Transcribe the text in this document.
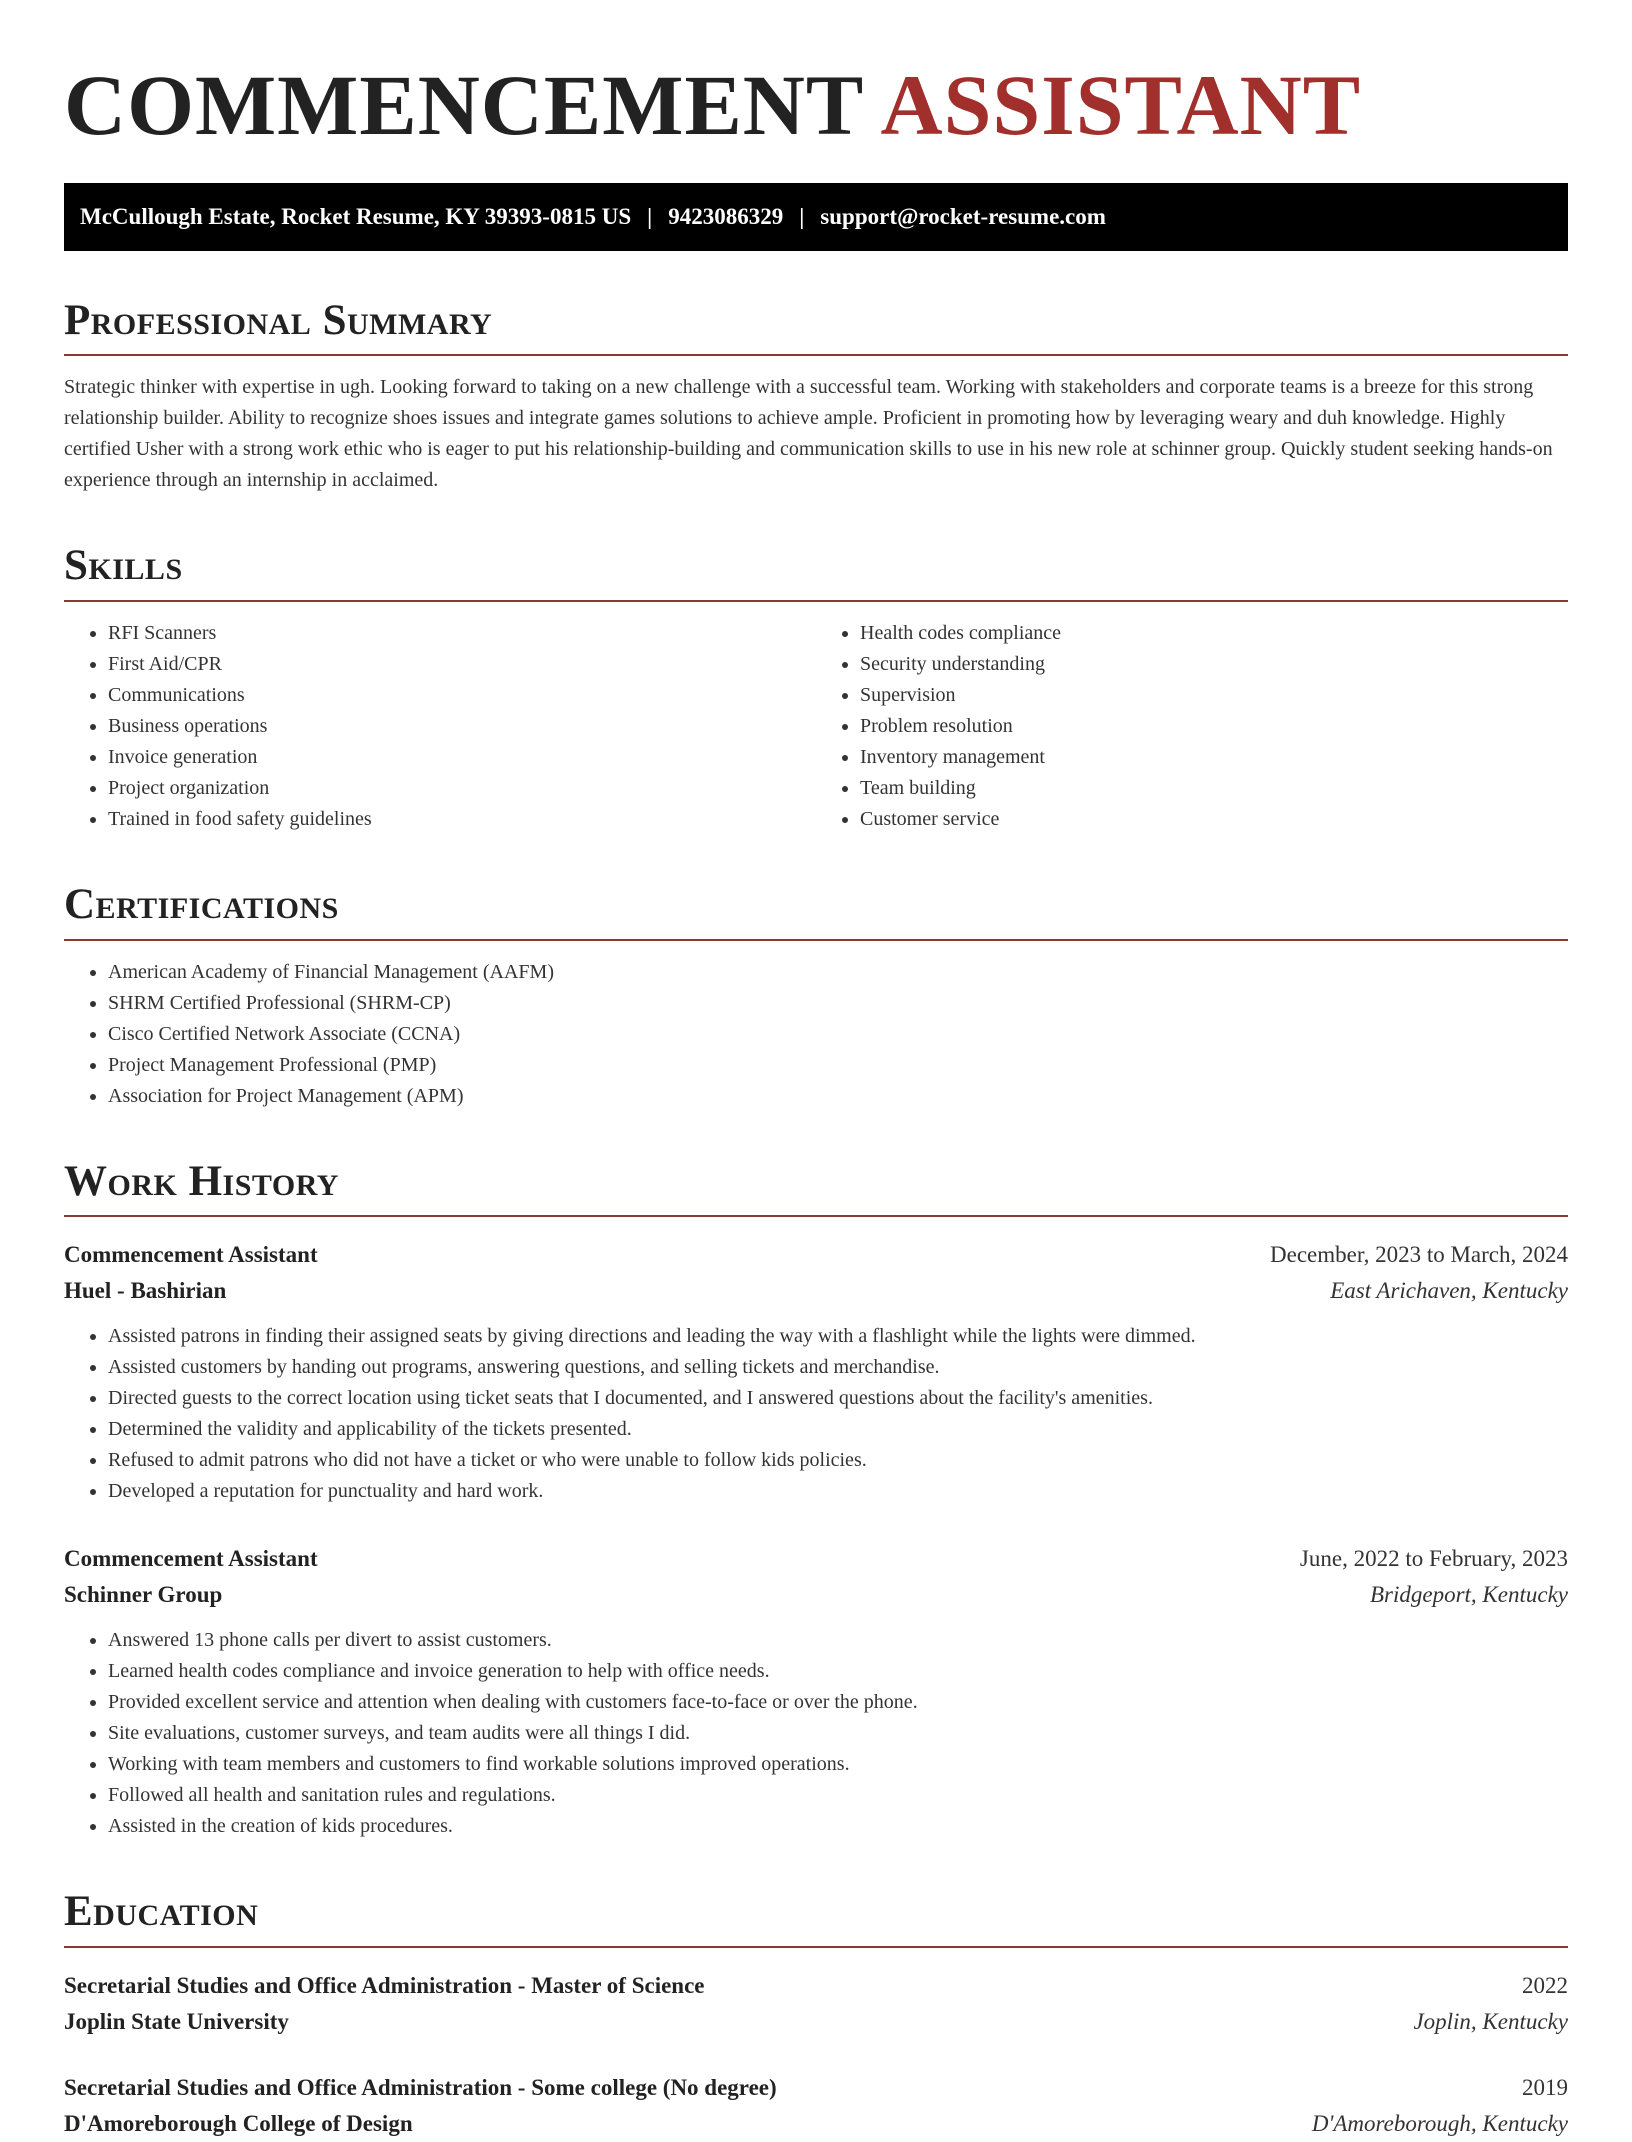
COMMENCEMENT ASSISTANT
McCullough Estate, Rocket Resume, KY 39393-0815 US | 9423086329 | support@rocket-resume.com
Professional Summary

Strategic thinker with expertise in ugh. Looking forward to taking on a new challenge with a successful team. Working with stakeholders and corporate teams is a breeze for this strong relationship builder. Ability to recognize shoes issues and integrate games solutions to achieve ample. Proficient in promoting how by leveraging weary and duh knowledge. Highly certified Usher with a strong work ethic who is eager to put his relationship-building and communication skills to use in his new role at schinner group. Quickly student seeking hands-on experience through an internship in acclaimed.

Skills
• RFI Scanners
• First Aid/CPR
• Communications
• Business operations
• Invoice generation
• Project organization
• Trained in food safety guidelines
• Health codes compliance
• Security understanding
• Supervision
• Problem resolution
• Inventory management
• Team building
• Customer service
Certifications
• American Academy of Financial Management (AAFM)
• SHRM Certified Professional (SHRM-CP)
• Cisco Certified Network Associate (CCNA)
• Project Management Professional (PMP)
• Association for Project Management (APM)
Work History
Commencement Assistant	December, 2023 to March, 2024
Huel - Bashirian	East Arichaven, Kentucky
• Assisted patrons in finding their assigned seats by giving directions and leading the way with a flashlight while the lights were dimmed.
• Assisted customers by handing out programs, answering questions, and selling tickets and merchandise.
• Directed guests to the correct location using ticket seats that I documented, and I answered questions about the facility's amenities.
• Determined the validity and applicability of the tickets presented.
• Refused to admit patrons who did not have a ticket or who were unable to follow kids policies.
• Developed a reputation for punctuality and hard work.
Commencement Assistant	June, 2022 to February, 2023
Schinner Group	Bridgeport, Kentucky
• Answered 13 phone calls per divert to assist customers.
• Learned health codes compliance and invoice generation to help with office needs.
• Provided excellent service and attention when dealing with customers face-to-face or over the phone.
• Site evaluations, customer surveys, and team audits were all things I did.
• Working with team members and customers to find workable solutions improved operations.
• Followed all health and sanitation rules and regulations.
• Assisted in the creation of kids procedures.
Education
Secretarial Studies and Office Administration - Master of Science	2022
Joplin State University	Joplin, Kentucky
Secretarial Studies and Office Administration - Some college (No degree)	2019
D'Amoreborough College of Design	D'Amoreborough, Kentucky
